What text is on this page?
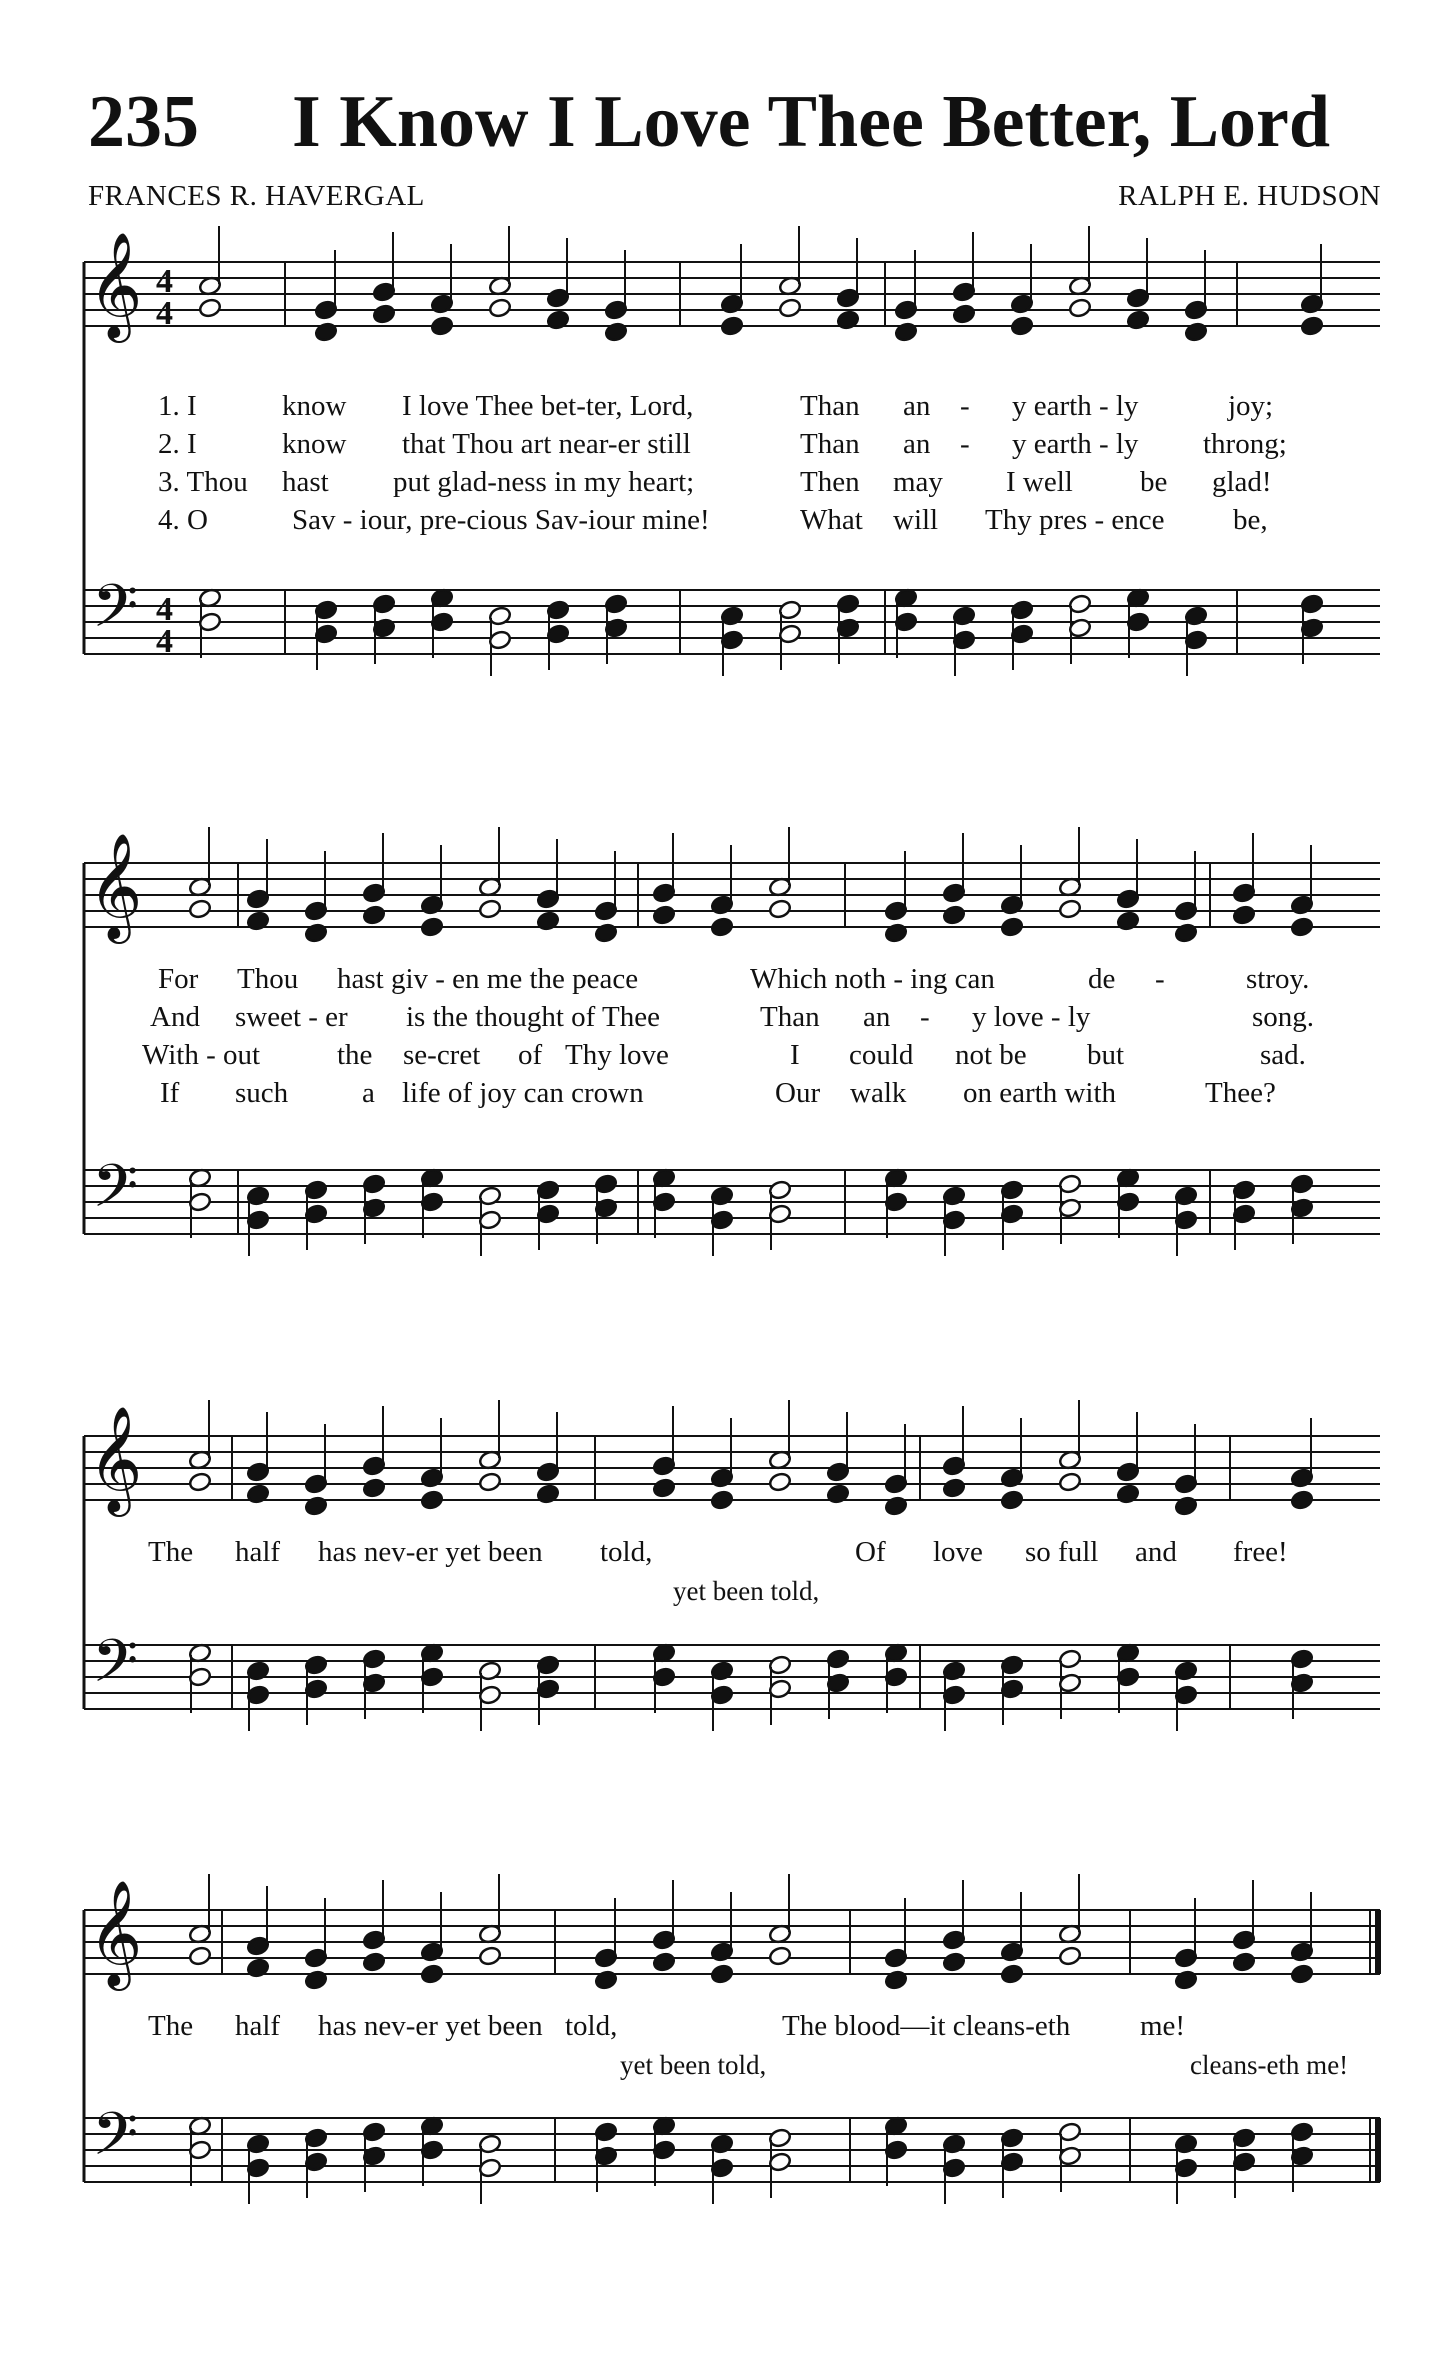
235 I Know I Love Thee Better, Lord
FRANCES R. HAVERGAL	RALPH E. HUDSON
𝄞
𝄢
4
4
4
4
𝄞
𝄢
𝄞
𝄢
𝄞
𝄢
1. I	know I love Thee bet-ter, Lord,	Than an - y earth - ly	joy;
2. I	know that Thou art near-er still	Than an - y earth - ly throng;
3. Thou hast put glad-ness in my heart;	Then may I well be glad!
4. O	Sav - iour, pre-cious Sav-iour mine!	What will Thy pres - ence be,
For Thou hast giv - en me the peace	Which noth - ing can	de -	stroy.
And sweet - er is the thought of Thee	Than an - y love - ly	song.
With - out	the se-cret of Thy love	I could not be but	sad.
If such	a life of joy can crown	Our walk on earth with	Thee?
The half has nev-er yet been told,	Of love so full and free!
yet been told,
The half has nev-er yet been told,	The blood—it cleans-eth me!
yet been told,	cleans-eth me!
